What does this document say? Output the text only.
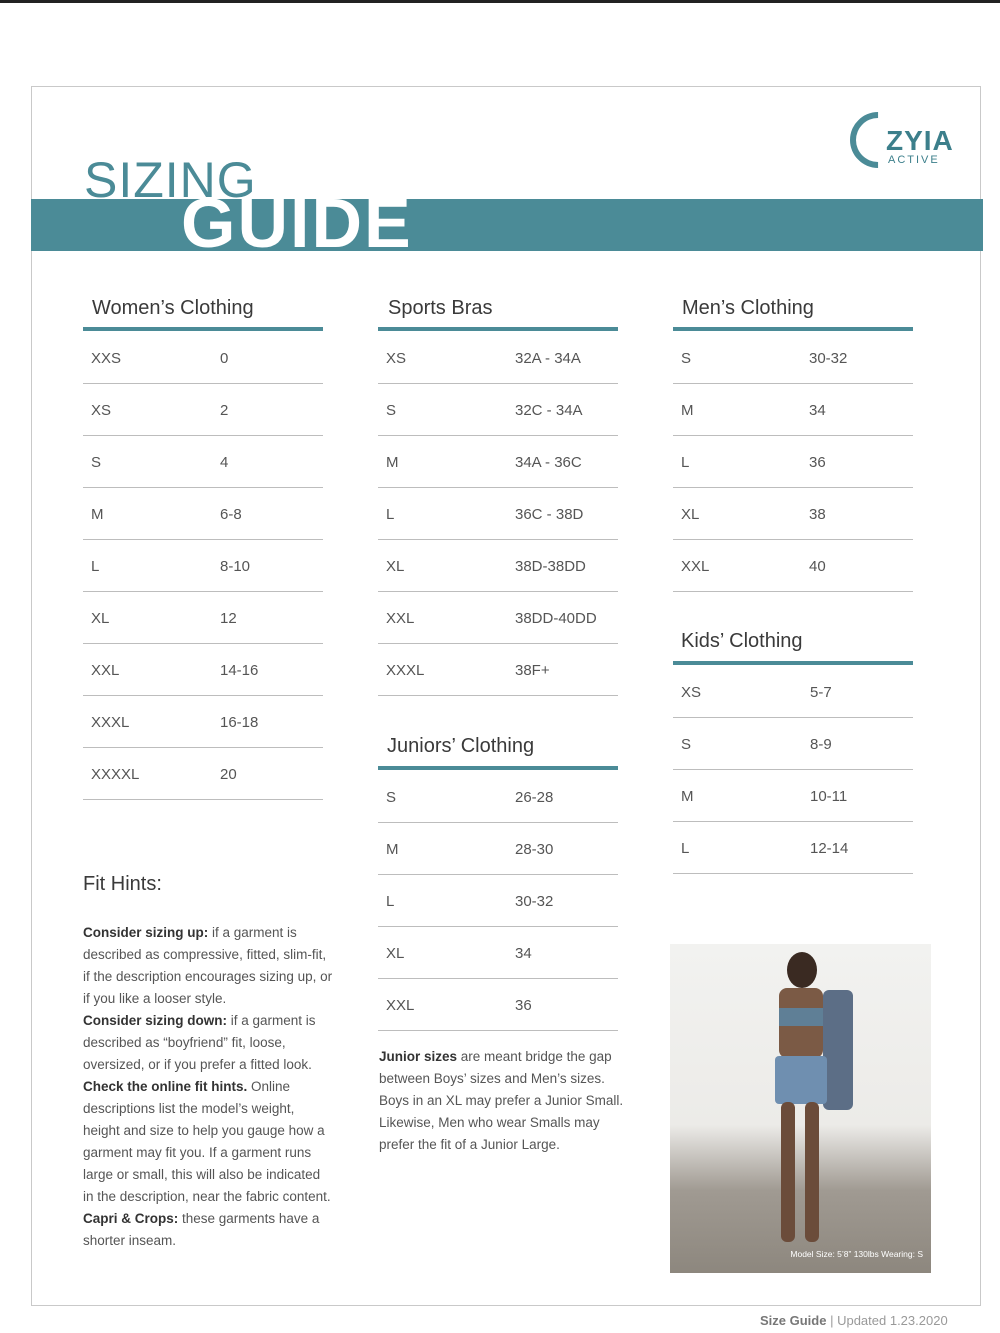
SIZING
GUIDE
ZYIA
ACTIVE
Women’s Clothing
XXS	0
XS	2
S	4
M	6-8
L	8-10
XL	12
XXL	14-16
XXXL	16-18
XXXXL	20
Sports Bras
XS	32A - 34A
S	32C - 34A
M	34A - 36C
L	36C - 38D
XL	38D-38DD
XXL	38DD-40DD
XXXL	38F+
Juniors’ Clothing
S	26-28
M	28-30
L	30-32
XL	34
XXL	36
Junior sizes are meant bridge the gap between Boys’ sizes and Men’s sizes. Boys in an XL may prefer a Junior Small. Likewise, Men who wear Smalls may prefer the fit of a Junior Large.
Men’s Clothing
S	30-32
M	34
L	36
XL	38
XXL	40
Kids’ Clothing
XS	5-7
S	8-9
M	10-11
L	12-14
Fit Hints:
Consider sizing up: if a garment is described as compressive, fitted, slim-fit, if the description encourages sizing up, or if you like a looser style.
Consider sizing down: if a garment is described as “boyfriend” fit, loose, oversized, or if you prefer a fitted look.
Check the online fit hints. Online descriptions list the model’s weight, height and size to help you gauge how a garment may fit you. If a garment runs large or small, this will also be indicated in the description, near the fabric content.
Capri & Crops: these garments have a shorter inseam.
Model Size: 5’8” 130lbs Wearing: S
Size Guide | Updated 1.23.2020
